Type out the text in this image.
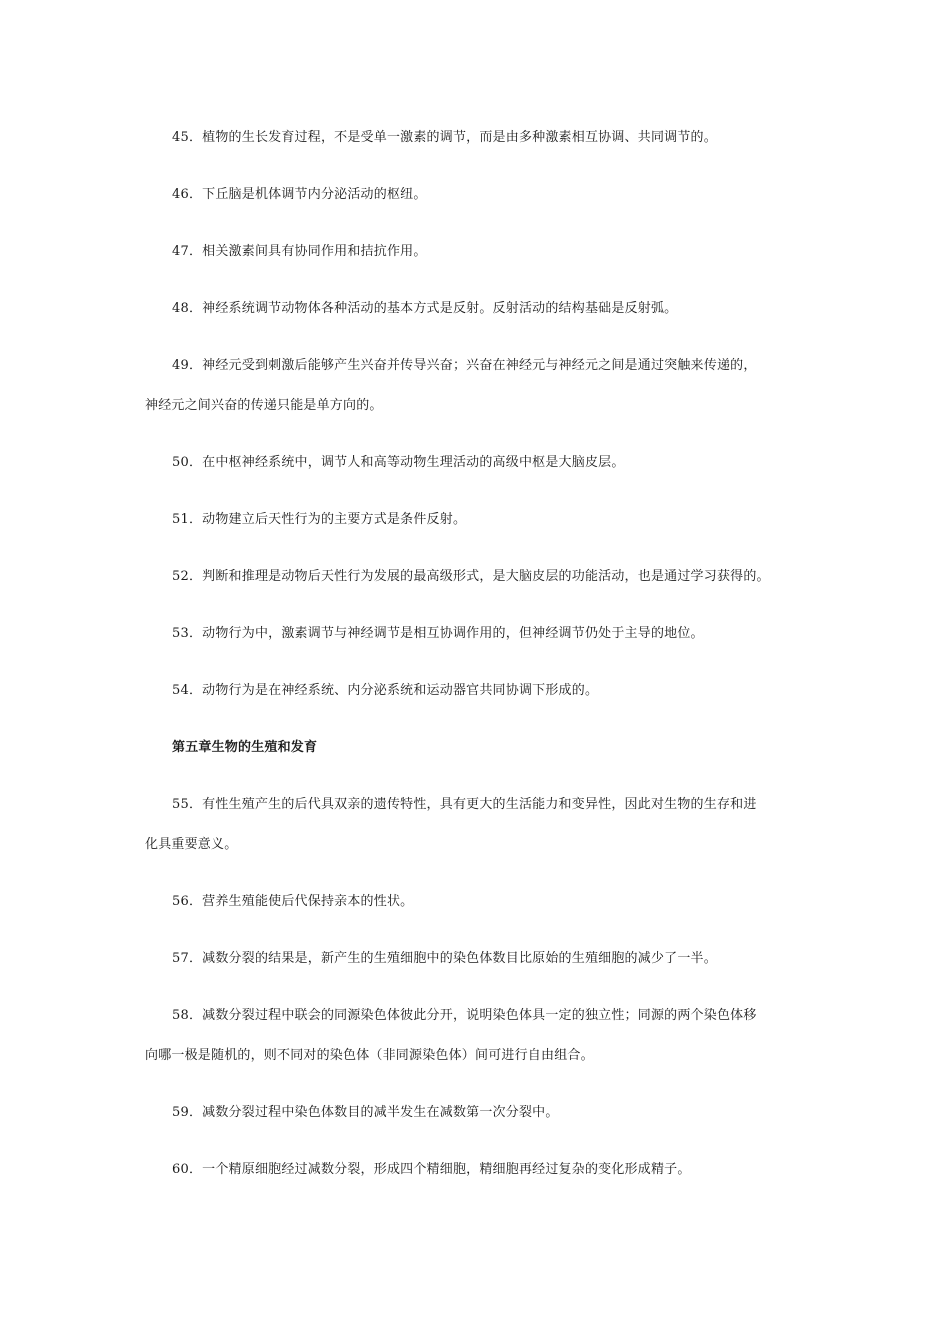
45．植物的生长发育过程，不是受单一激素的调节，而是由多种激素相互协调、共同调节的。
46．下丘脑是机体调节内分泌活动的枢纽。
47．相关激素间具有协同作用和拮抗作用。
48．神经系统调节动物体各种活动的基本方式是反射。反射活动的结构基础是反射弧。
49．神经元受到刺激后能够产生兴奋并传导兴奋；兴奋在神经元与神经元之间是通过突触来传递的，
神经元之间兴奋的传递只能是单方向的。
50．在中枢神经系统中，调节人和高等动物生理活动的高级中枢是大脑皮层。
51．动物建立后天性行为的主要方式是条件反射。
52．判断和推理是动物后天性行为发展的最高级形式，是大脑皮层的功能活动，也是通过学习获得的。
53．动物行为中，激素调节与神经调节是相互协调作用的，但神经调节仍处于主导的地位。
54．动物行为是在神经系统、内分泌系统和运动器官共同协调下形成的。
第五章生物的生殖和发育
55．有性生殖产生的后代具双亲的遗传特性，具有更大的生活能力和变异性，因此对生物的生存和进
化具重要意义。
56．营养生殖能使后代保持亲本的性状。
57．减数分裂的结果是，新产生的生殖细胞中的染色体数目比原始的生殖细胞的减少了一半。
58．减数分裂过程中联会的同源染色体彼此分开，说明染色体具一定的独立性；同源的两个染色体移
向哪一极是随机的，则不同对的染色体（非同源染色体）间可进行自由组合。
59．减数分裂过程中染色体数目的减半发生在减数第一次分裂中。
60．一个精原细胞经过减数分裂，形成四个精细胞，精细胞再经过复杂的变化形成精子。
